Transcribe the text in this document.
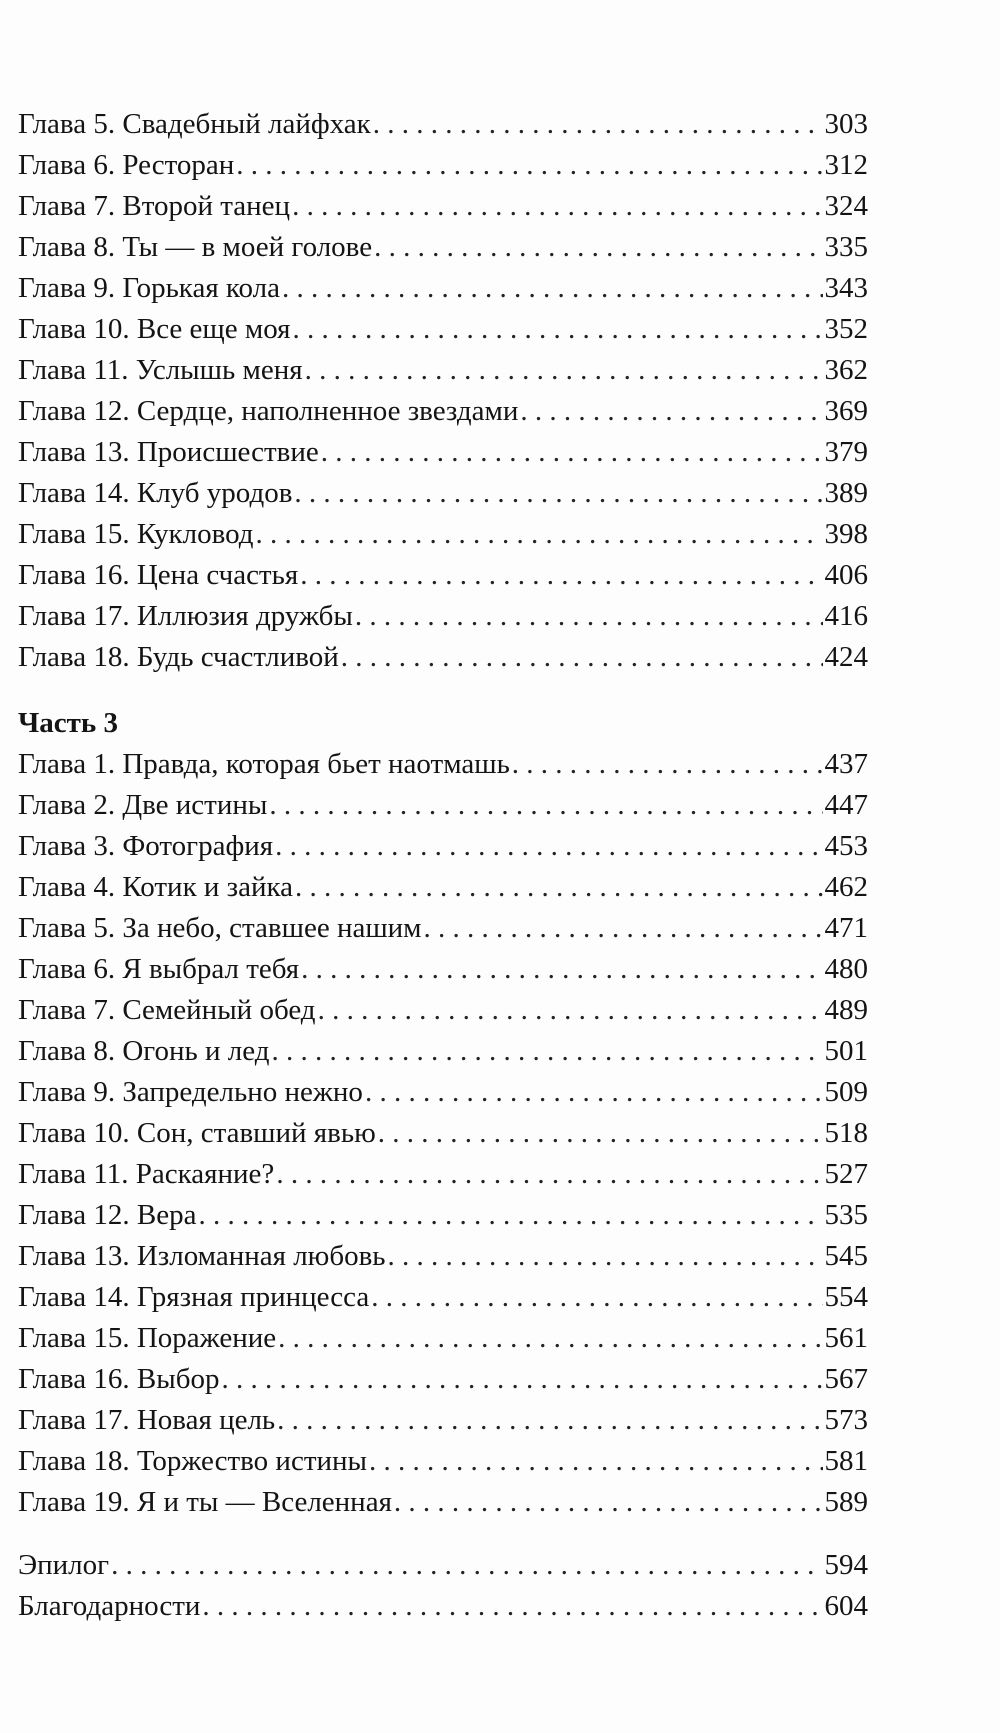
Глава 5. Свадебный лайфхак . . .	303
Глава 6. Ресторан . . .	312
Глава 7. Второй танец . . .	324
Глава 8. Ты — в моей голове . . .	335
Глава 9. Горькая кола . . .	343
Глава 10. Все еще моя . . .	352
Глава 11. Услышь меня . . .	362
Глава 12. Сердце, наполненное звездами . . .	369
Глава 13. Происшествие . . .	379
Глава 14. Клуб уродов . . .	389
Глава 15. Кукловод . . .	398
Глава 16. Цена счастья . . .	406
Глава 17. Иллюзия дружбы . . .	416
Глава 18. Будь счастливой . . .	424
Часть 3
Глава 1. Правда, которая бьет наотмашь . . .	437
Глава 2. Две истины . . .	447
Глава 3. Фотография . . .	453
Глава 4. Котик и зайка . . .	462
Глава 5. За небо, ставшее нашим . . .	471
Глава 6. Я выбрал тебя . . .	480
Глава 7. Семейный обед . . .	489
Глава 8. Огонь и лед . . .	501
Глава 9. Запредельно нежно . . .	509
Глава 10. Сон, ставший явью . . .	518
Глава 11. Раскаяние? . . .	527
Глава 12. Вера . . .	535
Глава 13. Изломанная любовь . . .	545
Глава 14. Грязная принцесса . . .	554
Глава 15. Поражение . . .	561
Глава 16. Выбор . . .	567
Глава 17. Новая цель . . .	573
Глава 18. Торжество истины . . .	581
Глава 19. Я и ты — Вселенная . . .	589
Эпилог . . .	594
Благодарности . . .	604
